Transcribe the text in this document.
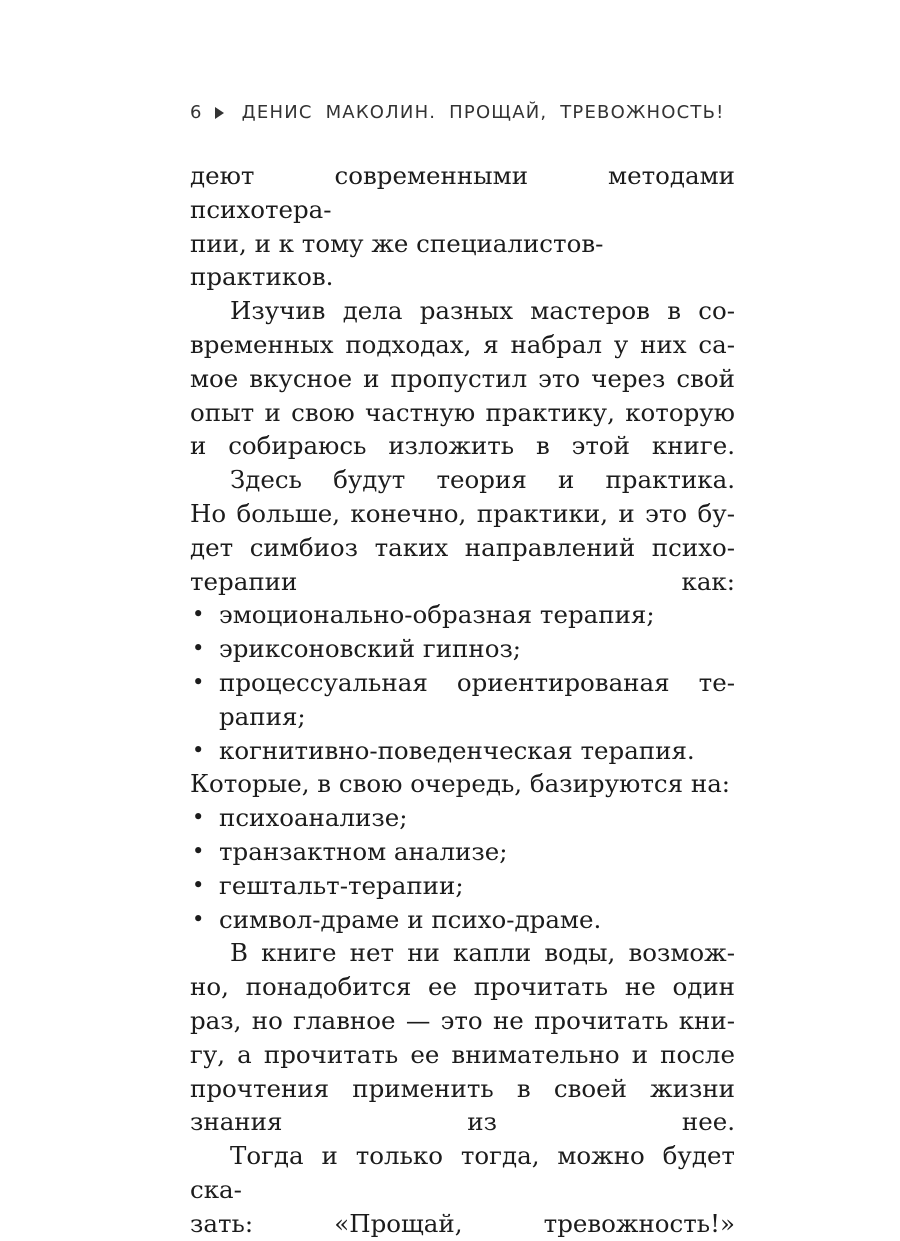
6 ДЕНИС МАКОЛИН. ПРОЩАЙ, ТРЕВОЖНОСТЬ!

деют современными методами психотера-
пии, и к тому же специалистов-практиков.

Изучив дела разных мастеров в со-
временных подходах, я набрал у них са-
мое вкусное и пропустил это через свой
опыт и свою частную практику, которую
и собираюсь изложить в этой книге.

Здесь будут теория и практика.
Но больше, конечно, практики, и это бу-
дет симбиоз таких направлений психо-
терапии как:

• эмоционально-образная терапия;

• эриксоновский гипноз;

• процессуальная ориентированая те-
рапия;

• когнитивно-поведенческая терапия.

Которые, в свою очередь, базируются на:

• психоанализе;

• транзактном анализе;

• гештальт-терапии;

• символ-драме и психо-драме.

В книге нет ни капли воды, возмож-
но, понадобится ее прочитать не один
раз, но главное — это не прочитать кни-
гу, а прочитать ее внимательно и после
прочтения применить в своей жизни
знания из нее.

Тогда и только тогда, можно будет ска-
зать: «Прощай, тревожность!»
